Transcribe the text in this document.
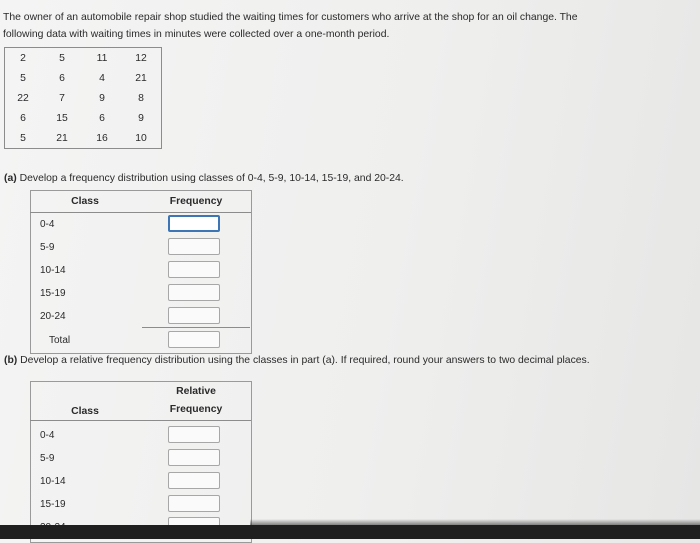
The owner of an automobile repair shop studied the waiting times for customers who arrive at the shop for an oil change. The
following data with waiting times in minutes were collected over a one-month period.
2	5	11	12
5	6	4	21
22	7	9	8
6	15	6	9
5	21	16	10
(a) Develop a frequency distribution using classes of 0-4, 5-9, 10-14, 15-19, and 20-24.
Class	Frequency
0-4
5-9
10-14
15-19
20-24
Total
(b) Develop a relative frequency distribution using the classes in part (a). If required, round your answers to two decimal places.
Class
Relative
Frequency
0-4
5-9
10-14
15-19
